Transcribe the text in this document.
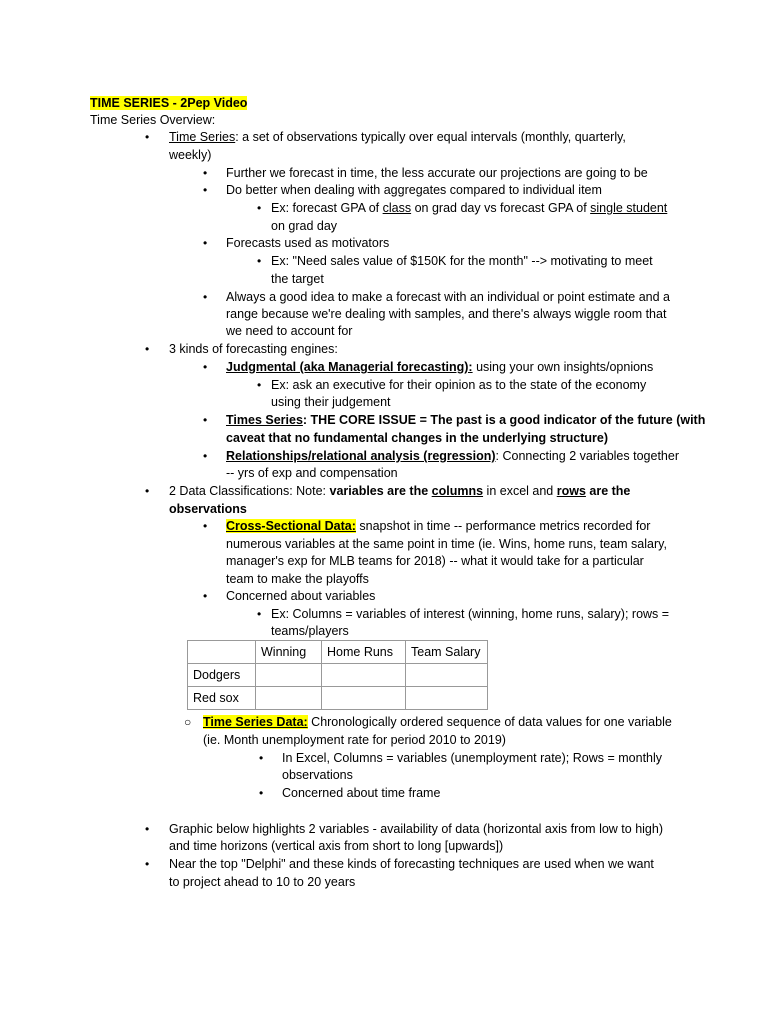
TIME SERIES - 2Pep Video
Time Series Overview:
• Time Series: a set of observations typically over equal intervals (monthly, quarterly,
weekly)
• Further we forecast in time, the less accurate our projections are going to be
• Do better when dealing with aggregates compared to individual item
• Ex: forecast GPA of class on grad day vs forecast GPA of single student
on grad day
• Forecasts used as motivators
• Ex: "Need sales value of $150K for the month" --> motivating to meet
the target
• Always a good idea to make a forecast with an individual or point estimate and a
range because we're dealing with samples, and there's always wiggle room that
we need to account for
• 3 kinds of forecasting engines:
• Judgmental (aka Managerial forecasting): using your own insights/opnions
• Ex: ask an executive for their opinion as to the state of the economy
using their judgement
• Times Series: THE CORE ISSUE = The past is a good indicator of the future (with
caveat that no fundamental changes in the underlying structure)
• Relationships/relational analysis (regression): Connecting 2 variables together
-- yrs of exp and compensation
• 2 Data Classifications: Note: variables are the columns in excel and rows are the
observations
• Cross-Sectional Data: snapshot in time -- performance metrics recorded for
numerous variables at the same point in time (ie. Wins, home runs, team salary,
manager's exp for MLB teams for 2018) -- what it would take for a particular
team to make the playoffs
• Concerned about variables
• Ex: Columns = variables of interest (winning, home runs, salary); rows =
teams/players
	Winning	Home Runs	Team Salary
Dodgers			
Red sox			
○ Time Series Data: Chronologically ordered sequence of data values for one variable
(ie. Month unemployment rate for period 2010 to 2019)
• In Excel, Columns = variables (unemployment rate); Rows = monthly
observations
• Concerned about time frame
• Graphic below highlights 2 variables - availability of data (horizontal axis from low to high)
and time horizons (vertical axis from short to long [upwards])
• Near the top "Delphi" and these kinds of forecasting techniques are used when we want
to project ahead to 10 to 20 years
